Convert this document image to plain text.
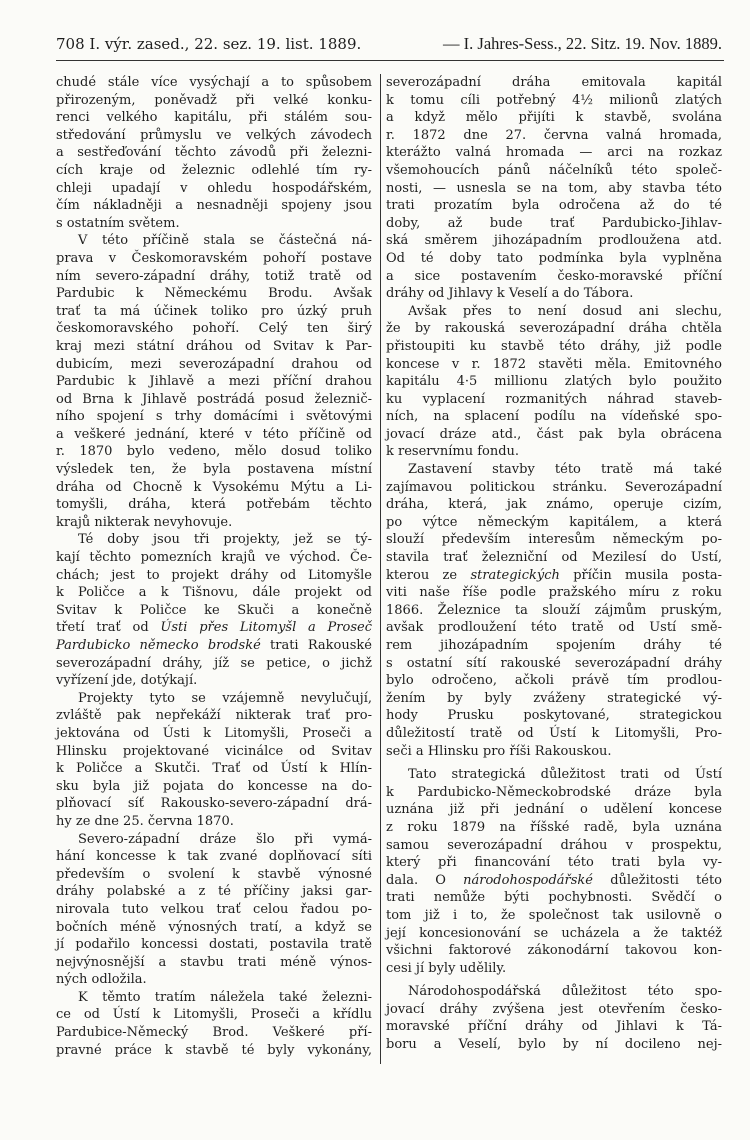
708 I. výr. zased., 22. sez. 19. list. 1889.	— I. Jahres-Sess., 22. Sitz. 19. Nov. 1889.
chudé stále více vysýchají a to spůsobem
přirozeným, poněvadž při velké konku-
renci velkého kapitálu, při stálém sou-
středování průmyslu ve velkých závodech
a sestřeďování těchto závodů při železni-
cích kraje od železnic odlehlé tím ry-
chleji upadají v ohledu hospodářském,
čím nákladněji a nesnadněji spojeny jsou
s ostatním světem.
V této příčině stala se částečná ná-
prava v Českomoravském pohoří postave
ním severo-západní dráhy, totiž tratě od
Pardubic k Německému Brodu. Avšak
trať ta má účinek toliko pro úzký pruh
českomoravského pohoří. Celý ten širý
kraj mezi státní dráhou od Svitav k Par-
dubicím, mezi severozápadní drahou od
Pardubic k Jihlavě a mezi příční drahou
od Brna k Jihlavě postrádá posud železnič-
ního spojení s trhy domácími i světovými
a veškeré jednání, které v této příčině od
r. 1870 bylo vedeno, mělo dosud toliko
výsledek ten, že byla postavena místní
dráha od Chocně k Vysokému Mýtu a Li-
tomyšli, dráha, která potřebám těchto
krajů nikterak nevyhovuje.
Té doby jsou tři projekty, jež se tý-
kají těchto pomezních krajů ve východ. Če-
chách; jest to projekt dráhy od Litomyšle
k Poličce a k Tišnovu, dále projekt od
Svitav k Poličce ke Skuči a konečně
třetí trať od Ústi přes Litomyšl a Proseč
Pardubicko německo brodské trati Rakouské
severozápadní dráhy, jíž se petice, o jichž
vyřízení jde, dotýkají.
Projekty tyto se vzájemně nevylučují,
zvláště pak nepřekáží nikterak trať pro-
jektována od Ústi k Litomyšli, Proseči a
Hlinsku projektované vicinálce od Svitav
k Poličce a Skutči. Trať od Ústí k Hlín-
sku byla již pojata do koncesse na do-
plňovací síť Rakousko-severo-západní drá-
hy ze dne 25. června 1870.
Severo-západní dráze šlo při vymá-
hání koncesse k tak zvané doplňovací síti
především o svolení k stavbě výnosné
dráhy polabské a z té příčiny jaksi gar-
nirovala tuto velkou trať celou řadou po-
bočních méně výnosných tratí, a když se
jí podařilo koncessi dostati, postavila tratě
nejvýnosnější a stavbu trati méně výnos-
ných odložila.
K těmto tratím náležela také železni-
ce od Ústí k Litomyšli, Proseči a křídlu
Pardubice-Německý Brod. Veškeré pří-
pravné práce k stavbě té byly vykonány,
severozápadní dráha emitovala kapitál
k tomu cíli potřebný 4½ milionů zlatých
a když mělo přijíti k stavbě, svolána
r. 1872 dne 27. června valná hromada,
kterážto valná hromada — arci na rozkaz
všemohoucích pánů náčelníků této společ-
nosti, — usnesla se na tom, aby stavba této
trati prozatím byla odročena až do té
doby, až bude trať Pardubicko-Jihlav-
ská směrem jihozápadním prodloužena atd.
Od té doby tato podmínka byla vyplněna
a sice postavením česko-moravské příční
dráhy od Jihlavy k Veselí a do Tábora.
Avšak přes to není dosud ani slechu,
že by rakouská severozápadní dráha chtěla
přistoupiti ku stavbě této dráhy, již podle
koncese v r. 1872 stavěti měla. Emitovného
kapitálu 4·5 millionu zlatých bylo použito
ku vyplacení rozmanitých náhrad staveb-
ních, na splacení podílu na vídeňské spo-
jovací dráze atd., část pak byla obrácena
k reservnímu fondu.
Zastavení stavby této tratě má také
zajímavou politickou stránku. Severozápadní
dráha, která, jak známo, operuje cizím,
po výtce německým kapitálem, a která
slouží především interesům německým po-
stavila trať železniční od Mezilesí do Ustí,
kterou ze strategických příčin musila posta-
viti naše říše podle pražského míru z roku
1866. Železnice ta slouží zájmům pruským,
avšak prodloužení této tratě od Ustí smě-
rem jihozápadním spojením dráhy té
s ostatní sítí rakouské severozápadní dráhy
bylo odročeno, ačkoli právě tím prodlou-
žením by byly zváženy strategické vý-
hody Prusku poskytované, strategickou
důležitostí tratě od Ústí k Litomyšli, Pro-
seči a Hlinsku pro říši Rakouskou.
Tato strategická důležitost trati od Ústí
k Pardubicko-Německobrodské dráze byla
uznána již při jednání o udělení koncese
z roku 1879 na říšské radě, byla uznána
samou severozápadní dráhou v prospektu,
který při financování této trati byla vy-
dala. O národohospodářské důležitosti této
trati nemůže býti pochybnosti. Svědčí o
tom již i to, že společnost tak usilovně o
její koncesionování se ucházela a že taktéž
všichni faktorové zákonodární takovou kon-
cesi jí byly udělily.
Národohospodářská důležitost této spo-
jovací dráhy zvýšena jest otevřením česko-
moravské příční dráhy od Jihlavi k Tá-
boru a Veselí, bylo by ní docileno nej-
